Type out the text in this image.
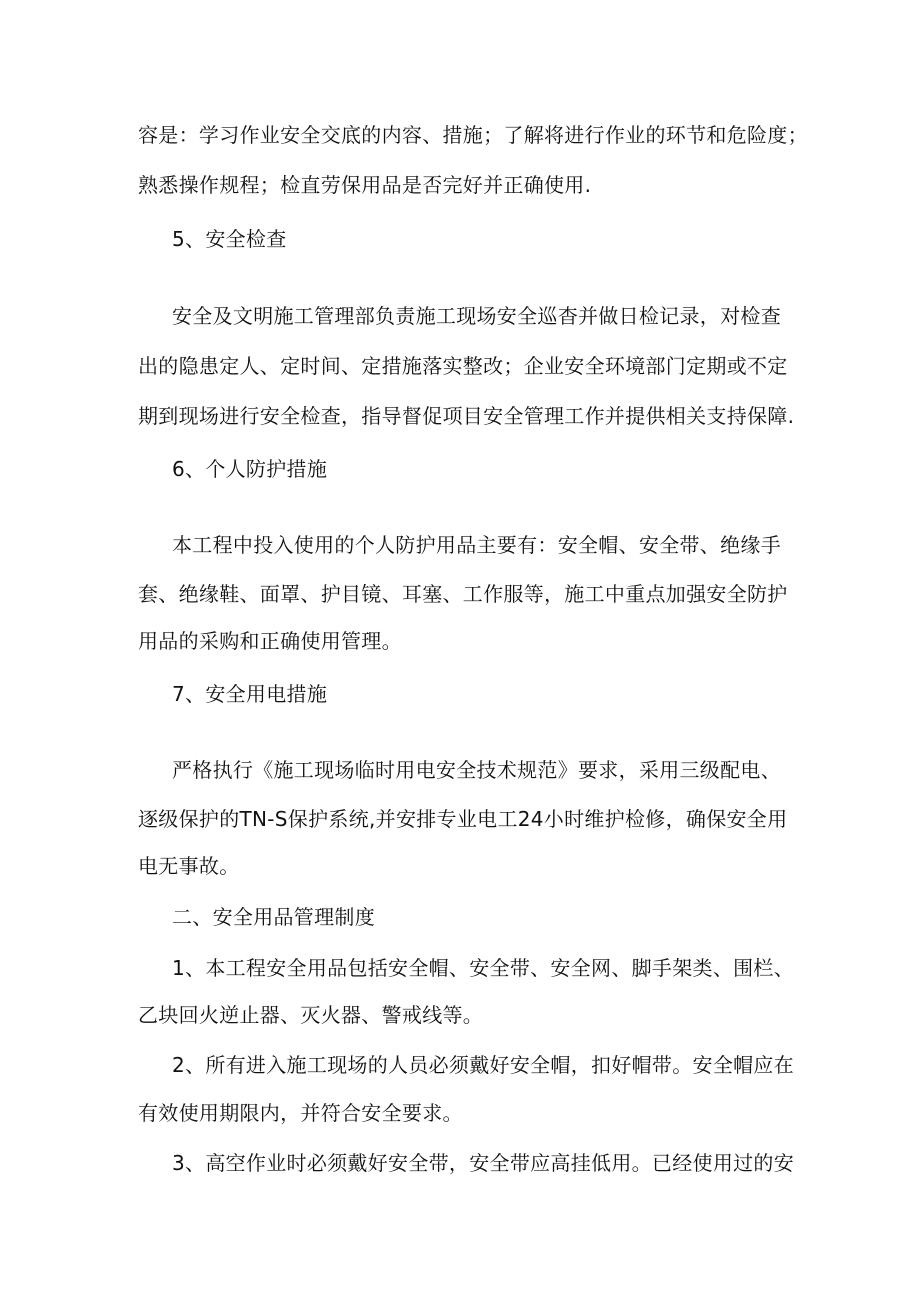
容是：学习作业安全交底的内容、措施；了解将进行作业的环节和危险度；
熟悉操作规程；检直劳保用品是否完好并正确使用.
5、安全检查
安全及文明施工管理部负责施工现场安全巡杳并做日检记录，对检查
出的隐患定人、定时间、定措施落实整改；企业安全环境部门定期或不定
期到现场进行安全检查，指导督促项目安全管理工作并提供相关支持保障.
6、个人防护措施
本工程中投入使用的个人防护用品主要有：安全帽、安全带、绝缘手
套、绝缘鞋、面罩、护目镜、耳塞、工作服等，施工中重点加强安全防护
用品的采购和正确使用管理。
7、安全用电措施
严格执行《施工现场临时用电安全技术规范》要求，采用三级配电、
逐级保护的TN-S保护系统,并安排专业电工24小时维护检修，确保安全用
电无事故。
二、安全用品管理制度
1、本工程安全用品包括安全帽、安全带、安全网、脚手架类、围栏、
乙块回火逆止器、灭火器、警戒线等。
2、所有进入施工现场的人员必须戴好安全帽，扣好帽带。安全帽应在
有效使用期限内，并符合安全要求。
3、高空作业时必须戴好安全带，安全带应高挂低用。已经使用过的安
